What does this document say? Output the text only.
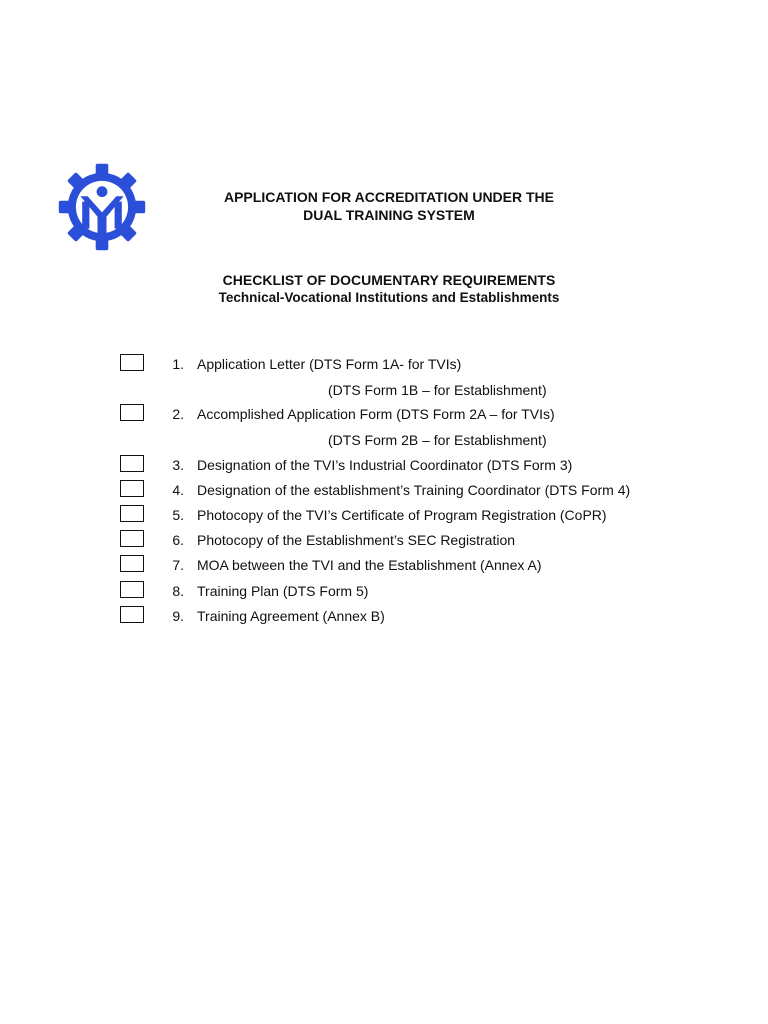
APPLICATION FOR ACCREDITATION UNDER THE
DUAL TRAINING SYSTEM
CHECKLIST OF DOCUMENTARY REQUIREMENTS
Technical-Vocational Institutions and Establishments
1. Application Letter (DTS Form 1A- for TVIs)
(DTS Form 1B – for Establishment)
2. Accomplished Application Form (DTS Form 2A – for TVIs)
(DTS Form 2B – for Establishment)
3. Designation of the TVI’s Industrial Coordinator (DTS Form 3)
4. Designation of the establishment’s Training Coordinator (DTS Form 4)
5. Photocopy of the TVI’s Certificate of Program Registration (CoPR)
6. Photocopy of the Establishment’s SEC Registration
7. MOA between the TVI and the Establishment (Annex A)
8. Training Plan (DTS Form 5)
9. Training Agreement (Annex B)
